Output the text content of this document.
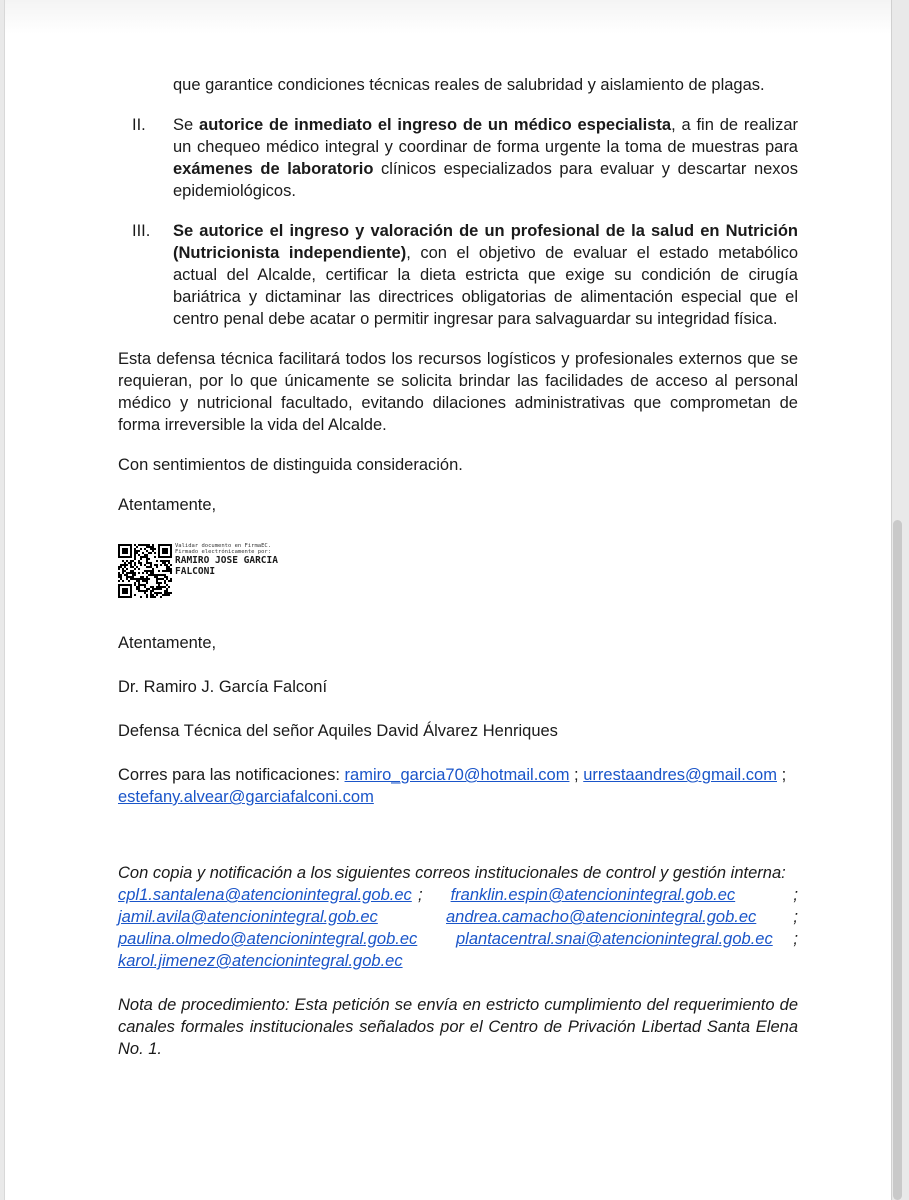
que garantice condiciones técnicas reales de salubridad y aislamiento de plagas.

II. Se autorice de inmediato el ingreso de un médico especialista, a fin de realizar un chequeo médico integral y coordinar de forma urgente la toma de muestras para exámenes de laboratorio clínicos especializados para evaluar y descartar nexos epidemiológicos.

III. Se autorice el ingreso y valoración de un profesional de la salud en Nutrición (Nutricionista independiente), con el objetivo de evaluar el estado metabólico actual del Alcalde, certificar la dieta estricta que exige su condición de cirugía bariátrica y dictaminar las directrices obligatorias de alimentación especial que el centro penal debe acatar o permitir ingresar para salvaguardar su integridad física.

Esta defensa técnica facilitará todos los recursos logísticos y profesionales externos que se requieran, por lo que únicamente se solicita brindar las facilidades de acceso al personal médico y nutricional facultado, evitando dilaciones administrativas que comprometan de forma irreversible la vida del Alcalde.

Con sentimientos de distinguida consideración.

Atentamente,

Validar documento en FirmaEC.
Firmado electrónicamente por:
RAMIRO JOSE GARCIA
FALCONI

Atentamente,

Dr. Ramiro J. García Falconí

Defensa Técnica del señor Aquiles David Álvarez Henriques

Corres para las notificaciones: ramiro_garcia70@hotmail.com ; urrestaandres@gmail.com ;
estefany.alvear@garciafalconi.com

Con copia y notificación a los siguientes correos institucionales de control y gestión interna:
cpl1.santalena@atencionintegral.gob.ec ; franklin.espin@atencionintegral.gob.ec	;
jamil.avila@atencionintegral.gob.ec	andrea.camacho@atencionintegral.gob.ec ;
paulina.olmedo@atencionintegral.gob.ec	plantacentral.snai@atencionintegral.gob.ec ;
karol.jimenez@atencionintegral.gob.ec

Nota de procedimiento: Esta petición se envía en estricto cumplimiento del requerimiento de canales formales institucionales señalados por el Centro de Privación Libertad Santa Elena No. 1.
